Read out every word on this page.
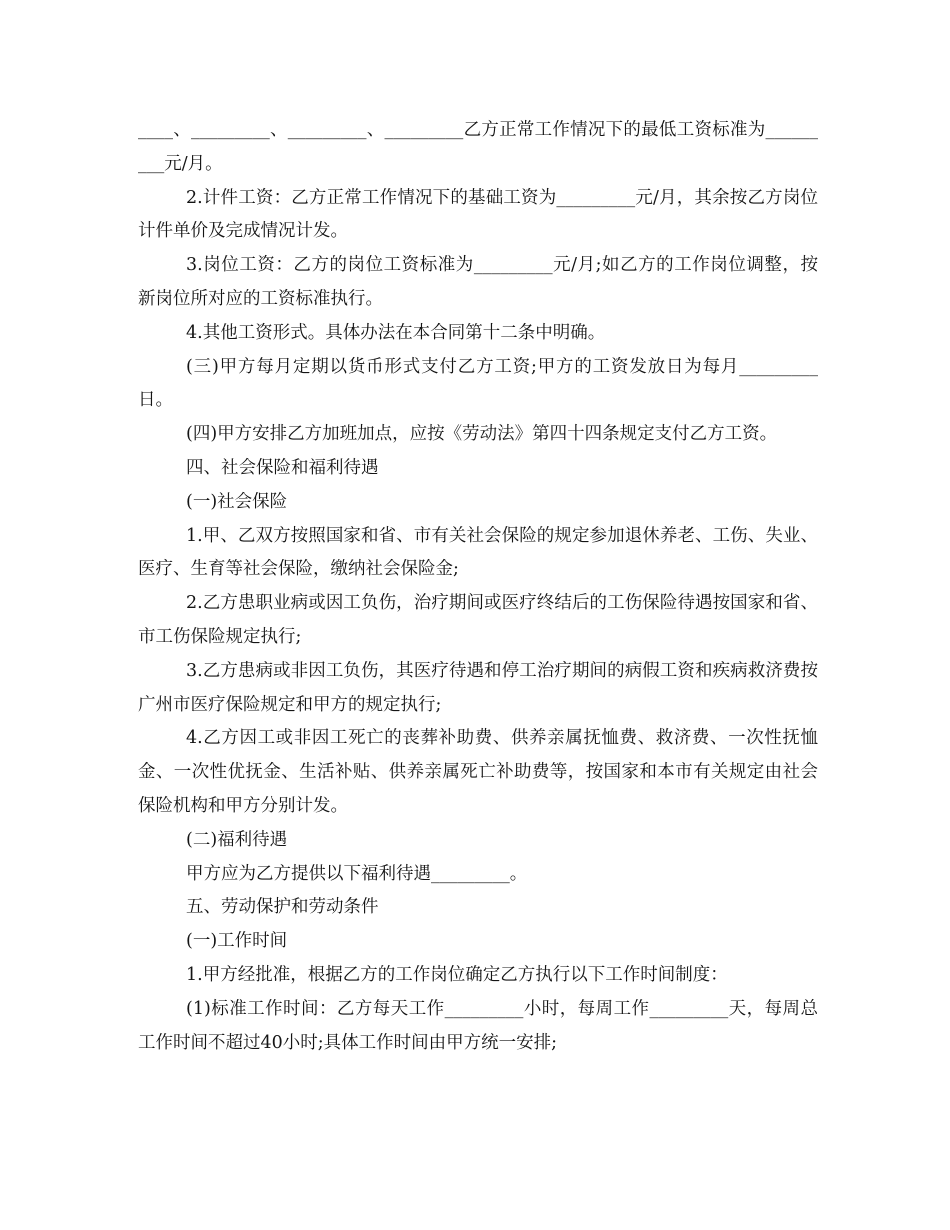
____、_________、_________、_________乙方正常工作情况下的最低工资标准为_________元/月。

2.计件工资：乙方正常工作情况下的基础工资为_________元/月，其余按乙方岗位计件单价及完成情况计发。

3.岗位工资：乙方的岗位工资标准为_________元/月;如乙方的工作岗位调整，按新岗位所对应的工资标准执行。

4.其他工资形式。具体办法在本合同第十二条中明确。

(三)甲方每月定期以货币形式支付乙方工资;甲方的工资发放日为每月_________日。

(四)甲方安排乙方加班加点，应按《劳动法》第四十四条规定支付乙方工资。

四、社会保险和福利待遇

(一)社会保险

1.甲、乙双方按照国家和省、市有关社会保险的规定参加退休养老、工伤、失业、医疗、生育等社会保险，缴纳社会保险金;

2.乙方患职业病或因工负伤，治疗期间或医疗终结后的工伤保险待遇按国家和省、市工伤保险规定执行;

3.乙方患病或非因工负伤，其医疗待遇和停工治疗期间的病假工资和疾病救济费按广州市医疗保险规定和甲方的规定执行;

4.乙方因工或非因工死亡的丧葬补助费、供养亲属抚恤费、救济费、一次性抚恤金、一次性优抚金、生活补贴、供养亲属死亡补助费等，按国家和本市有关规定由社会保险机构和甲方分别计发。

(二)福利待遇

甲方应为乙方提供以下福利待遇_________。

五、劳动保护和劳动条件

(一)工作时间

1.甲方经批准，根据乙方的工作岗位确定乙方执行以下工作时间制度：

(1)标准工作时间：乙方每天工作_________小时，每周工作_________天，每周总工作时间不超过40小时;具体工作时间由甲方统一安排;
